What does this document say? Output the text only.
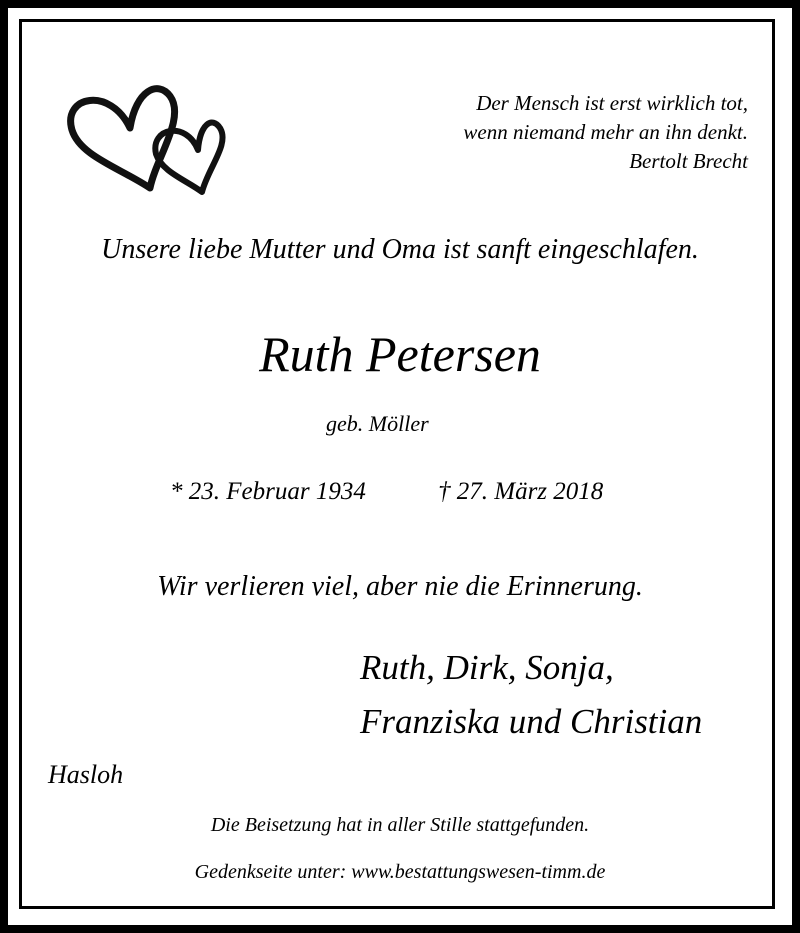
Der Mensch ist erst wirklich tot,
wenn niemand mehr an ihn denkt.
Bertolt Brecht
Unsere liebe Mutter und Oma ist sanft eingeschlafen.
Ruth Petersen
geb. Möller
* 23. Februar 1934	† 27. März 2018
Wir verlieren viel, aber nie die Erinnerung.
Ruth, Dirk, Sonja,
Franziska und Christian
Hasloh
Die Beisetzung hat in aller Stille stattgefunden.
Gedenkseite unter: www.bestattungswesen-timm.de
